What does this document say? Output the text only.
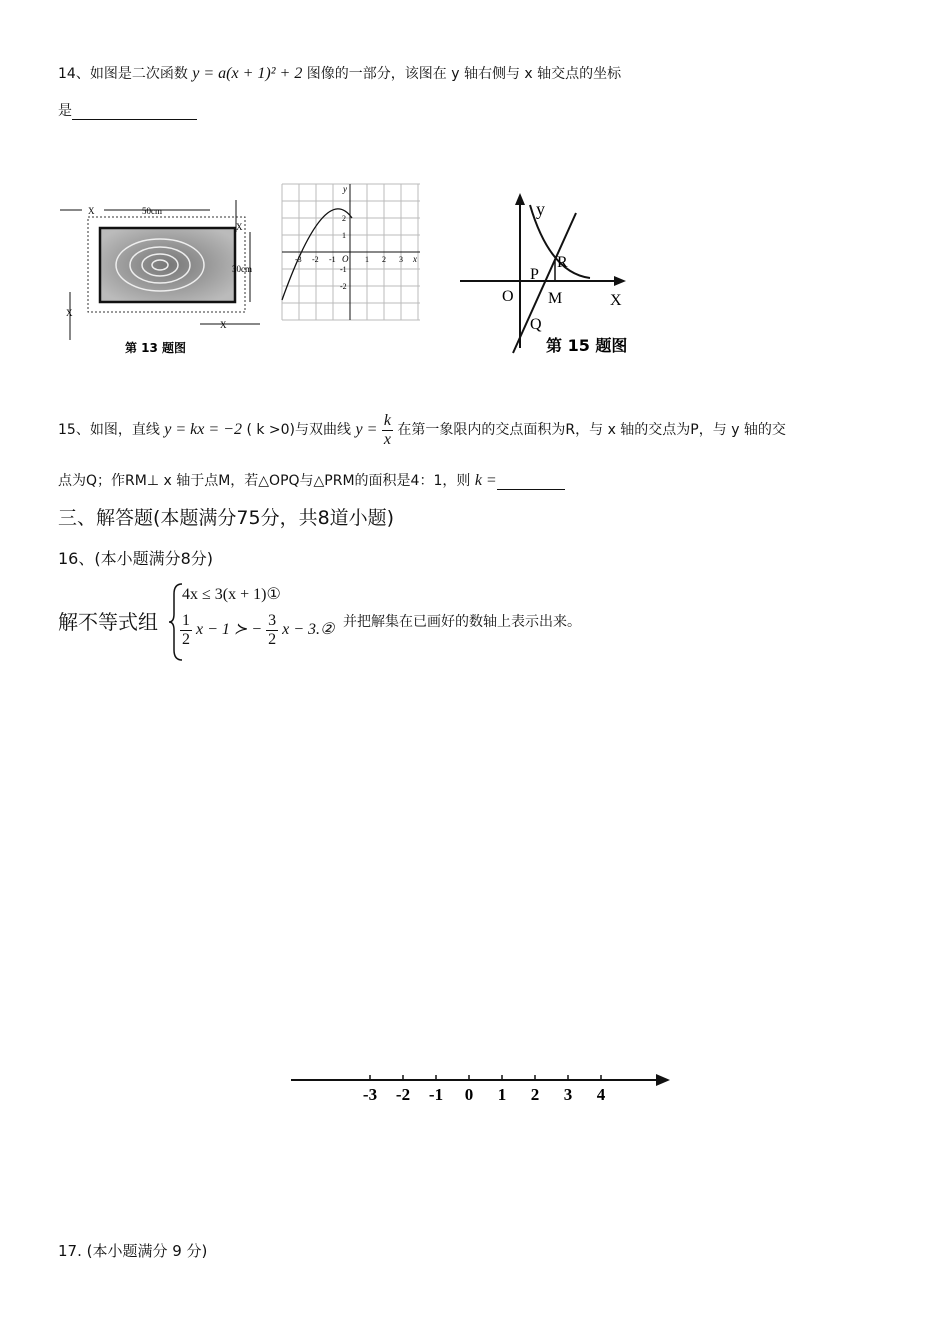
14、如图是二次函数 y = a(x + 1)² + 2 图像的一部分，该图在 y 轴右侧与 x 轴交点的坐标
是
50cm
X
30cm
X
X
X
第 13 题图
y
x
O
-3 -2 -1	1 2 3
2
1
-1
-2
y
X
O
P
R
M
Q
第 15 题图
15、如图，直线 y = kx = −2 ( k >0)与双曲线 $y = \frac{k}{x}$ 在第一象限内的交点面积为R，与 x 轴的交点为P，与 y 轴的交
点为Q；作RM⊥ x 轴于点M，若△OPQ与△PRM的面积是4：1，则 k =
三、解答题(本题满分75分，共8道小题)
16、(本小题满分8分)
解不等式组
4x ≤ 3(x + 1)①
$\frac{1}{2}$ x − 1 ≻ − $\frac{3}{2}$ x − 3.② 并把解集在已画好的数轴上表示出来。
-3 -2 -1 0 1 2 3 4
17. (本小题满分 9 分)
